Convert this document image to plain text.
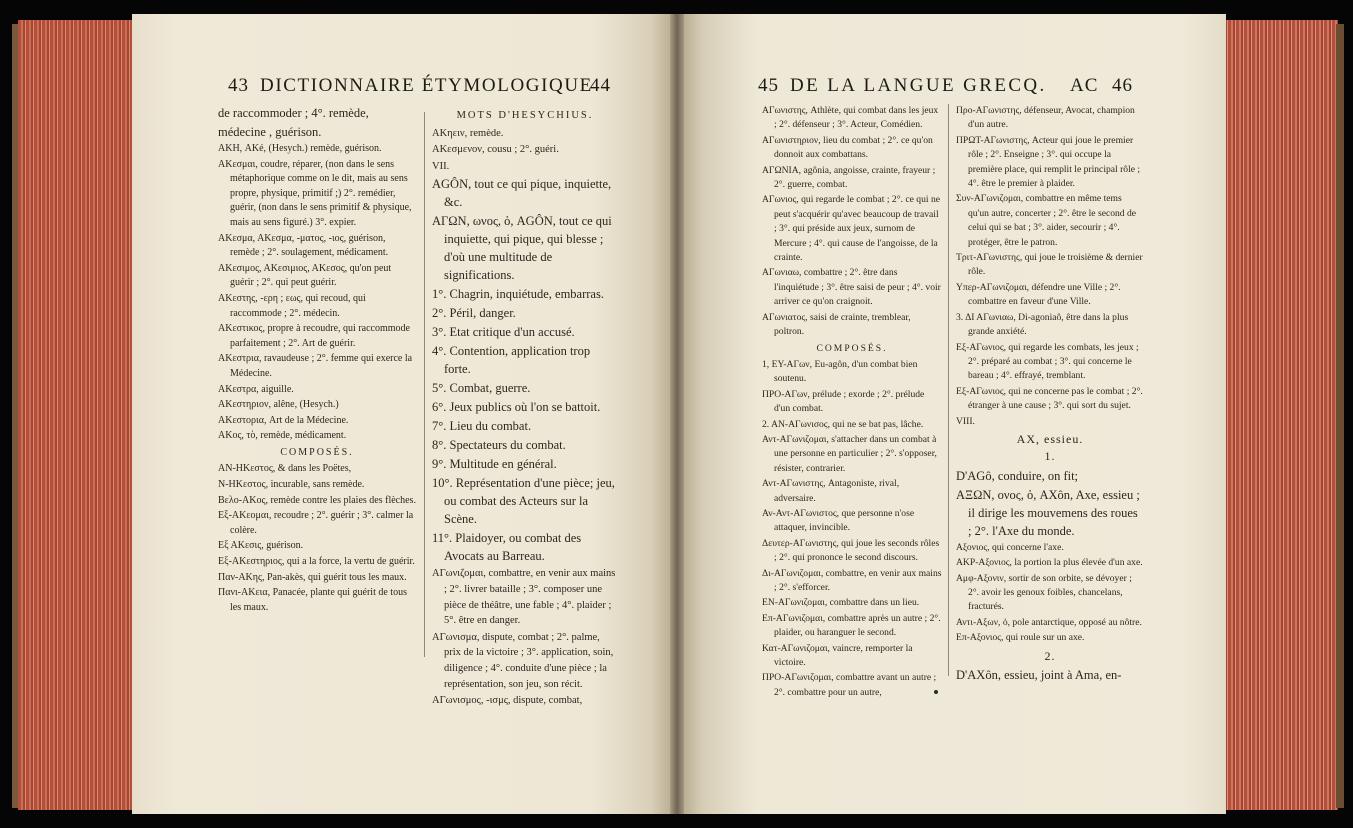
43 DICTIONNAIRE ÉTYMOLOGIQUE
44	45 DE LA LANGUE GRECQ. AC 46

de raccommoder ; 4°. remède,

médecine , guérison.

ΑΚΗ, AKé, (Hesych.) remède, guérison.

ΑΚεσμαι, coudre, réparer, (non dans le sens métaphorique comme on le dit, mais au sens propre, physique, primitif ;) 2°. remédier, guérir, (non dans le sens primitif & physique, mais au sens figuré.) 3°. expier.

ΑΚεσμα, ΑΚεσμα, -ματος, -ιος, guérison, remède ; 2°. soulagement, médicament.

ΑΚεσιμος, ΑΚεσιμιος, ΑΚεσος, qu'on peut guérir ; 2°. qui peut guérir.

ΑΚεστης, -ερη ; εως, qui recoud, qui raccommode ; 2°. médecin.

ΑΚεστικος, propre à recoudre, qui raccommode parfaitement ; 2°. Art de guérir.

ΑΚεστρια, ravaudeuse ; 2°. femme qui exerce la Médecine.

ΑΚεστρα, aiguille.

ΑΚεστηριον, alêne, (Hesych.)

ΑΚεστορια, Art de la Médecine.

ΑΚος, τὸ, remède, médicament.

COMPOSÉS.

ΑΝ-ΗΚεστος, & dans les Poëtes,

Ν-ΗΚεστος, incurable, sans remède.

Βελο-ΑΚος, remède contre les plaies des flèches.

Εξ-ΑΚεομαι, recoudre ; 2°. guérir ; 3°. calmer la colère.

Εξ ΑΚεσις, guérison.

Εξ-ΑΚεστηριος, qui a la force, la vertu de guérir.

Παν-ΑΚης, Pan-akès, qui guérit tous les maux.

Πανι-ΑΚεια, Panacée, plante qui guérit de tous les maux.

MOTS D'HESYCHIUS.

ΑΚηειν, remède.

ΑΚεσμενον, cousu ; 2°. guéri.

VII.

AGÔN, tout ce qui pique, inquiette, &c.

ΑΓΩΝ, ωνος, ὁ, AGÔN, tout ce qui inquiette, qui pique, qui blesse ; d'où une multitude de significations.

1°. Chagrin, inquiétude, embarras.

2°. Péril, danger.

3°. Etat critique d'un accusé.

4°. Contention, application trop forte.

5°. Combat, guerre.

6°. Jeux publics où l'on se battoit.

7°. Lieu du combat.

8°. Spectateurs du combat.

9°. Multitude en général.

10°. Représentation d'une pièce; jeu, ou combat des Acteurs sur la Scène.

11°. Plaidoyer, ou combat des Avocats au Barreau.

ΑΓωνιζομαι, combattre, en venir aux mains ; 2°. livrer bataille ; 3°. composer une pièce de théâtre, une fable ; 4°. plaider ; 5°. être en danger.

ΑΓωνισμα, dispute, combat ; 2°. palme, prix de la victoire ; 3°. application, soin, diligence ; 4°. conduite d'une pièce ; la représentation, son jeu, son récit.

ΑΓωνισμος, -ισμς, dispute, combat,

ΑΓωνιστης, Athlète, qui combat dans les jeux ; 2°. défenseur ; 3°. Acteur, Comédien.

ΑΓωνιστηριον, lieu du combat ; 2°. ce qu'on donnoit aux combattans.

ΑΓΩΝΙΑ, agônia, angoisse, crainte, frayeur ; 2°. guerre, combat.

ΑΓωνιος, qui regarde le combat ; 2°. ce qui ne peut s'acquérir qu'avec beaucoup de travail ; 3°. qui préside aux jeux, surnom de Mercure ; 4°. qui cause de l'angoisse, de la crainte.

ΑΓωνιαω, combattre ; 2°. être dans l'inquiétude ; 3°. être saisi de peur ; 4°. voir arriver ce qu'on craignoit.

ΑΓωνιατος, saisi de crainte, tremblear, poltron.

COMPOSÉS.

1, ΕΥ-ΑΓων, Eu-agôn, d'un combat bien soutenu.

ΠΡΟ-ΑΓων, prélude ; exorde ; 2°. prélude d'un combat.

2. ΑΝ-ΑΓωνισος, qui ne se bat pas, lâche.

Αντ-ΑΓωνιζομαι, s'attacher dans un combat à une personne en particulier ; 2°. s'opposer, résister, contrarier.

Αντ-ΑΓωνιστης, Antagoniste, rival, adversaire.

Αν-Αντ-ΑΓωνιστος, que personne n'ose attaquer, invincible.

Δευτερ-ΑΓωνιστης, qui joue les seconds rôles ; 2°. qui prononce le second discours.

Δι-ΑΓωνιζομαι, combattre, en venir aux mains ; 2°. s'efforcer.

ΕΝ-ΑΓωνιζομαι, combattre dans un lieu.

Επ-ΑΓωνιζομαι, combattre après un autre ; 2°. plaider, ou haranguer le second.

Κατ-ΑΓωνιζομαι, vaincre, remporter la victoire.

ΠΡΟ-ΑΓωνιζομαι, combattre avant un autre ; 2°. combattre pour un autre,

Προ-ΑΓωνιστης, défenseur, Avocat, champion d'un autre.

ΠΡΩΤ-ΑΓωνιστης, Acteur qui joue le premier rôle ; 2°. Enseigne ; 3°. qui occupe la première place, qui remplit le principal rôle ; 4°. être le premier à plaider.

Συν-ΑΓωνιζομαι, combattre en même tems qu'un autre, concerter ; 2°. être le second de celui qui se bat ; 3°. aider, secourir ; 4°. protéger, être le patron.

Τριτ-ΑΓωνιστης, qui joue le troisième & dernier rôle.

Υπερ-ΑΓωνιζομαι, défendre une Ville ; 2°. combattre en faveur d'une Ville.

3. ΔΙ ΑΓωνιαω, Di-agoniaô, être dans la plus grande anxiété.

Εξ-ΑΓωνιος, qui regarde les combats, les jeux ; 2°. préparé au combat ; 3°. qui concerne le bareau ; 4°. effrayé, tremblant.

Εξ-ΑΓωνιος, qui ne concerne pas le combat ; 2°. étranger à une cause ; 3°. qui sort du sujet.

VIII.

AX, essieu.

1.

D'AGô, conduire, on fit;

ΑΞΩΝ, ονος, ὁ, AXôn, Axe, essieu ; il dirige les mouvemens des roues ; 2°. l'Axe du monde.

Αξονιος, qui concerne l'axe.

ΑΚΡ-Αξονιος, la portion la plus élevée d'un axe.

Αμφ-Αξονιν, sortir de son orbite, se dévoyer ; 2°. avoir les genoux foibles, chancelans, fracturés.

Αντι-Αξων, ὁ, pole antarctique, opposé au nôtre.

Επ-Αξονιος, qui roule sur un axe.

2.

D'AXôn, essieu, joint à Ama, en-
